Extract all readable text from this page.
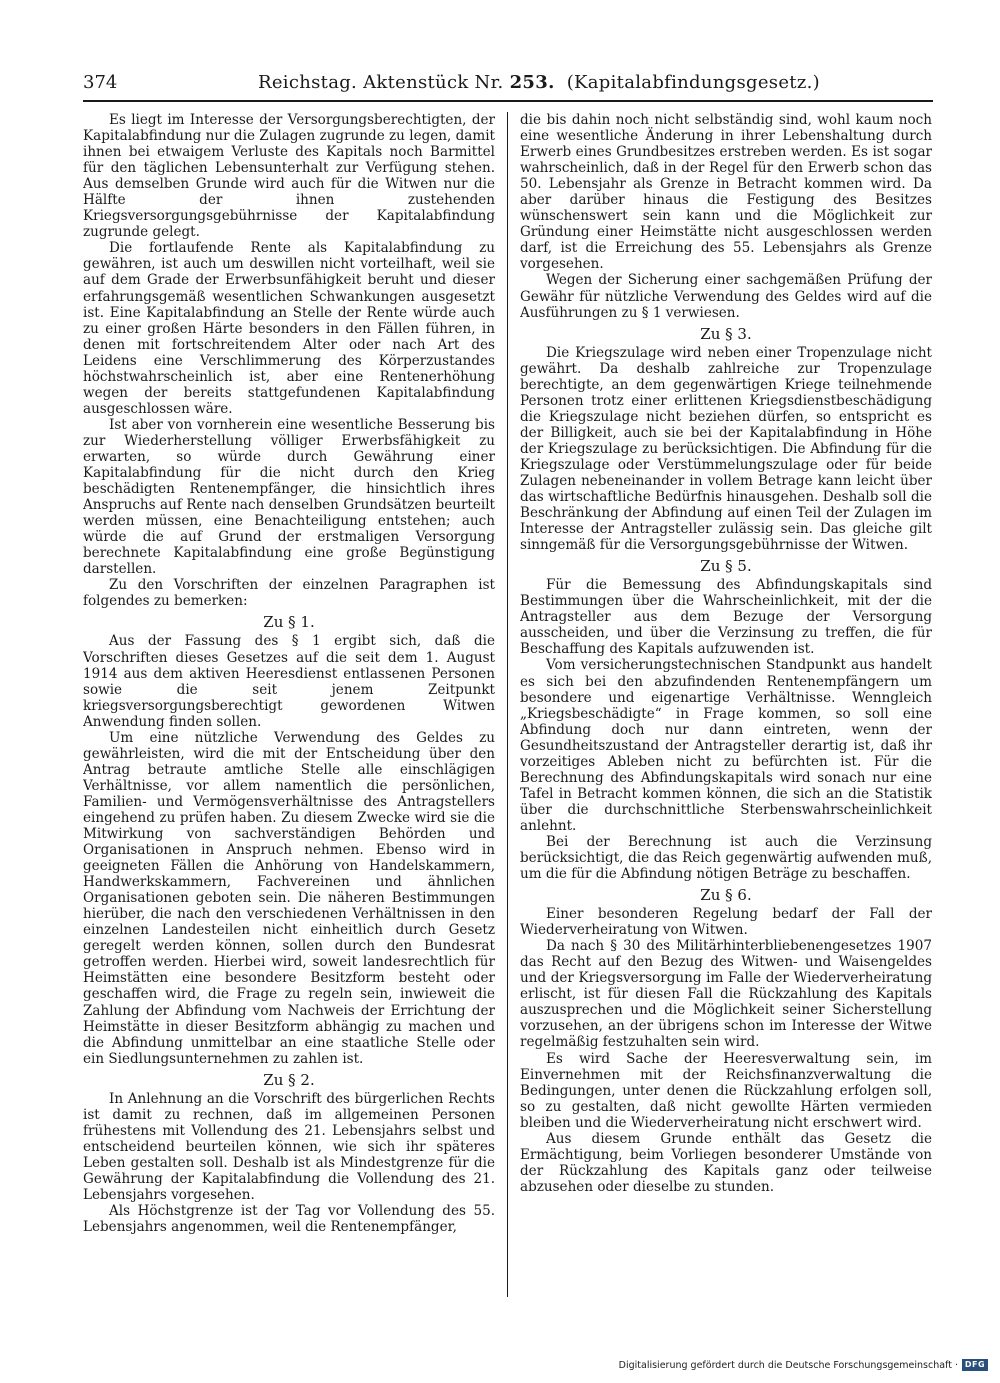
374	Reichstag. Aktenstück Nr. 253. (Kapitalabfindungsgesetz.)

Es liegt im Interesse der Versorgungsberechtigten, der Kapitalabfindung nur die Zulagen zugrunde zu legen, damit ihnen bei etwaigem Verluste des Kapitals noch Barmittel für den täglichen Lebensunterhalt zur Verfügung stehen. Aus demselben Grunde wird auch für die Witwen nur die Hälfte der ihnen zustehenden Kriegsversorgungsgebührnisse der Kapitalabfindung zugrunde gelegt.

Die fortlaufende Rente als Kapitalabfindung zu gewähren, ist auch um deswillen nicht vorteilhaft, weil sie auf dem Grade der Erwerbsunfähigkeit beruht und dieser erfahrungsgemäß wesentlichen Schwankungen ausgesetzt ist. Eine Kapitalabfindung an Stelle der Rente würde auch zu einer großen Härte besonders in den Fällen führen, in denen mit fortschreitendem Alter oder nach Art des Leidens eine Verschlimmerung des Körperzustandes höchstwahrscheinlich ist, aber eine Rentenerhöhung wegen der bereits stattgefundenen Kapitalabfindung ausgeschlossen wäre.

Ist aber von vornherein eine wesentliche Besserung bis zur Wiederherstellung völliger Erwerbsfähigkeit zu erwarten, so würde durch Gewährung einer Kapitalabfindung für die nicht durch den Krieg beschädigten Rentenempfänger, die hinsichtlich ihres Anspruchs auf Rente nach denselben Grundsätzen beurteilt werden müssen, eine Benachteiligung entstehen; auch würde die auf Grund der erstmaligen Versorgung berechnete Kapitalabfindung eine große Begünstigung darstellen.

Zu den Vorschriften der einzelnen Paragraphen ist folgendes zu bemerken:

Zu § 1.

Aus der Fassung des § 1 ergibt sich, daß die Vorschriften dieses Gesetzes auf die seit dem 1. August 1914 aus dem aktiven Heeresdienst entlassenen Personen sowie die seit jenem Zeitpunkt kriegsversorgungsberechtigt gewordenen Witwen Anwendung finden sollen.

Um eine nützliche Verwendung des Geldes zu gewährleisten, wird die mit der Entscheidung über den Antrag betraute amtliche Stelle alle einschlägigen Verhältnisse, vor allem namentlich die persönlichen, Familien- und Vermögensverhältnisse des Antragstellers eingehend zu prüfen haben. Zu diesem Zwecke wird sie die Mitwirkung von sachverständigen Behörden und Organisationen in Anspruch nehmen. Ebenso wird in geeigneten Fällen die Anhörung von Handelskammern, Handwerkskammern, Fachvereinen und ähnlichen Organisationen geboten sein. Die näheren Bestimmungen hierüber, die nach den verschiedenen Verhältnissen in den einzelnen Landesteilen nicht einheitlich durch Gesetz geregelt werden können, sollen durch den Bundesrat getroffen werden. Hierbei wird, soweit landesrechtlich für Heimstätten eine besondere Besitzform besteht oder geschaffen wird, die Frage zu regeln sein, inwieweit die Zahlung der Abfindung vom Nachweis der Errichtung der Heimstätte in dieser Besitzform abhängig zu machen und die Abfindung unmittelbar an eine staatliche Stelle oder ein Siedlungsunternehmen zu zahlen ist.

Zu § 2.

In Anlehnung an die Vorschrift des bürgerlichen Rechts ist damit zu rechnen, daß im allgemeinen Personen frühestens mit Vollendung des 21. Lebensjahrs selbst und entscheidend beurteilen können, wie sich ihr späteres Leben gestalten soll. Deshalb ist als Mindestgrenze für die Gewährung der Kapitalabfindung die Vollendung des 21. Lebensjahrs vorgesehen.

Als Höchstgrenze ist der Tag vor Vollendung des 55. Lebensjahrs angenommen, weil die Rentenempfänger,

die bis dahin noch nicht selbständig sind, wohl kaum noch eine wesentliche Änderung in ihrer Lebenshaltung durch Erwerb eines Grundbesitzes erstreben werden. Es ist sogar wahrscheinlich, daß in der Regel für den Erwerb schon das 50. Lebensjahr als Grenze in Betracht kommen wird. Da aber darüber hinaus die Festigung des Besitzes wünschenswert sein kann und die Möglichkeit zur Gründung einer Heimstätte nicht ausgeschlossen werden darf, ist die Erreichung des 55. Lebensjahrs als Grenze vorgesehen.

Wegen der Sicherung einer sachgemäßen Prüfung der Gewähr für nützliche Verwendung des Geldes wird auf die Ausführungen zu § 1 verwiesen.

Zu § 3.

Die Kriegszulage wird neben einer Tropenzulage nicht gewährt. Da deshalb zahlreiche zur Tropenzulage berechtigte, an dem gegenwärtigen Kriege teilnehmende Personen trotz einer erlittenen Kriegsdienstbeschädigung die Kriegszulage nicht beziehen dürfen, so entspricht es der Billigkeit, auch sie bei der Kapitalabfindung in Höhe der Kriegszulage zu berücksichtigen. Die Abfindung für die Kriegszulage oder Verstümmelungszulage oder für beide Zulagen nebeneinander in vollem Betrage kann leicht über das wirtschaftliche Bedürfnis hinausgehen. Deshalb soll die Beschränkung der Abfindung auf einen Teil der Zulagen im Interesse der Antragsteller zulässig sein. Das gleiche gilt sinngemäß für die Versorgungsgebührnisse der Witwen.

Zu § 5.

Für die Bemessung des Abfindungskapitals sind Bestimmungen über die Wahrscheinlichkeit, mit der die Antragsteller aus dem Bezuge der Versorgung ausscheiden, und über die Verzinsung zu treffen, die für Beschaffung des Kapitals aufzuwenden ist.

Vom versicherungstechnischen Standpunkt aus handelt es sich bei den abzufindenden Rentenempfängern um besondere und eigenartige Verhältnisse. Wenngleich „Kriegsbeschädigte“ in Frage kommen, so soll eine Abfindung doch nur dann eintreten, wenn der Gesundheitszustand der Antragsteller derartig ist, daß ihr vorzeitiges Ableben nicht zu befürchten ist. Für die Berechnung des Abfindungskapitals wird sonach nur eine Tafel in Betracht kommen können, die sich an die Statistik über die durchschnittliche Sterbenswahrscheinlichkeit anlehnt.

Bei der Berechnung ist auch die Verzinsung berücksichtigt, die das Reich gegenwärtig aufwenden muß, um die für die Abfindung nötigen Beträge zu beschaffen.

Zu § 6.

Einer besonderen Regelung bedarf der Fall der Wiederverheiratung von Witwen.

Da nach § 30 des Militärhinterbliebenengesetzes 1907 das Recht auf den Bezug des Witwen- und Waisengeldes und der Kriegsversorgung im Falle der Wiederverheiratung erlischt, ist für diesen Fall die Rückzahlung des Kapitals auszusprechen und die Möglichkeit seiner Sicherstellung vorzusehen, an der übrigens schon im Interesse der Witwe regelmäßig festzuhalten sein wird.

Es wird Sache der Heeresverwaltung sein, im Einvernehmen mit der Reichsfinanzverwaltung die Bedingungen, unter denen die Rückzahlung erfolgen soll, so zu gestalten, daß nicht gewollte Härten vermieden bleiben und die Wiederverheiratung nicht erschwert wird.

Aus diesem Grunde enthält das Gesetz die Ermächtigung, beim Vorliegen besonderer Umstände von der Rückzahlung des Kapitals ganz oder teilweise abzusehen oder dieselbe zu stunden.

Digitalisierung gefördert durch die Deutsche Forschungsgemeinschaft · DFG
